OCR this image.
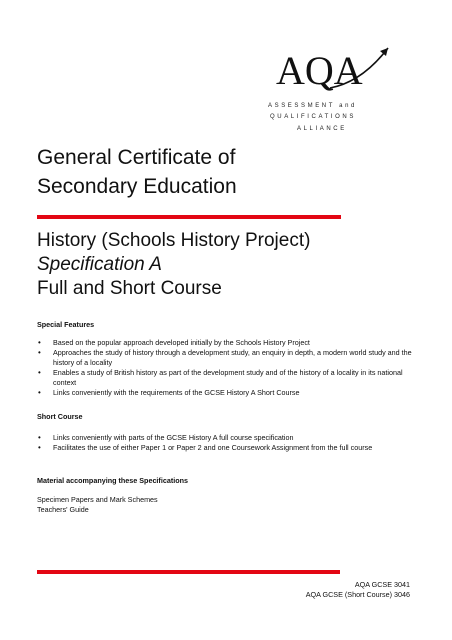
AQA
ASSESSMENT and
QUALIFICATIONS
ALLIANCE
General Certificate of
Secondary Education
History (Schools History Project)
Specification A
Full and Short Course

Special Features

• Based on the popular approach developed initially by the Schools History Project
• Approaches the study of history through a development study, an enquiry in depth, a modern world study and the history of a locality
• Enables a study of British history as part of the development study and of the history of a locality in its national context
• Links conveniently with the requirements of the GCSE History A Short Course

Short Course

• Links conveniently with parts of the GCSE History A full course specification
• Facilitates the use of either Paper 1 or Paper 2 and one Coursework Assignment from the full course

Material accompanying these Specifications

Specimen Papers and Mark Schemes
Teachers' Guide
AQA GCSE 3041
AQA GCSE (Short Course) 3046
